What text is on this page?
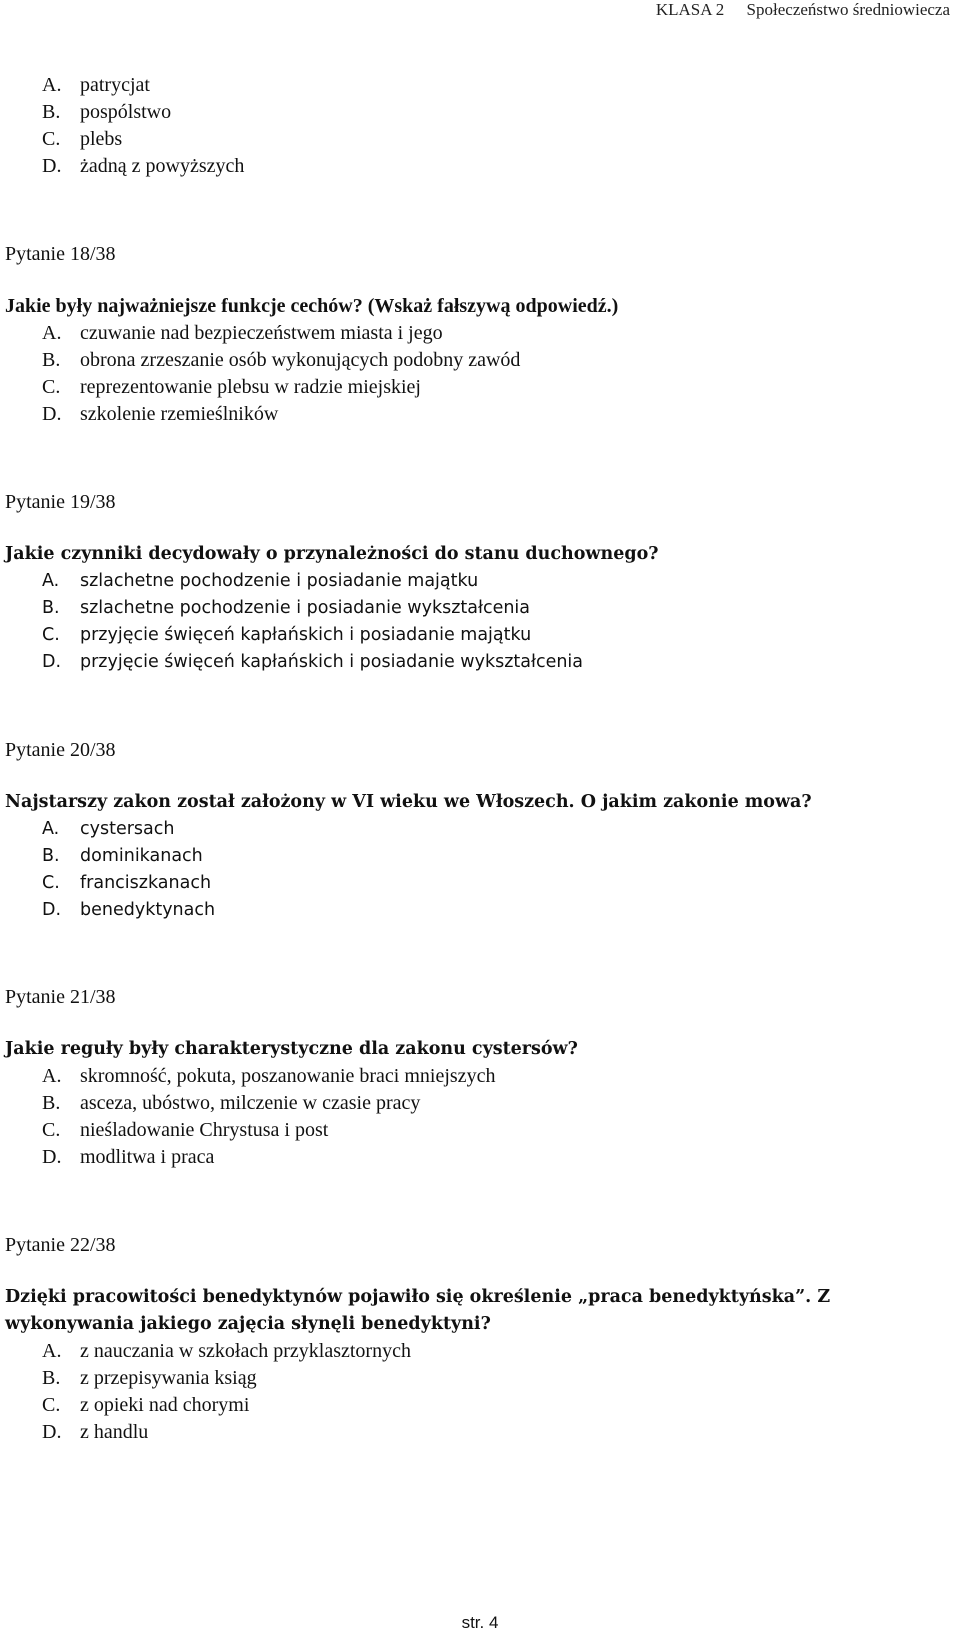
KLASA 2 Społeczeństwo średniowiecza
A. patrycjat
B. pospólstwo
C. plebs
D. żadną z powyższych
Pytanie 18/38
Jakie były najważniejsze funkcje cechów? (Wskaż fałszywą odpowiedź.)
A. czuwanie nad bezpieczeństwem miasta i jego
B. obrona zrzeszanie osób wykonujących podobny zawód
C. reprezentowanie plebsu w radzie miejskiej
D. szkolenie rzemieślników
Pytanie 19/38
Jakie czynniki decydowały o przynależności do stanu duchownego?
A. szlachetne pochodzenie i posiadanie majątku
B. szlachetne pochodzenie i posiadanie wykształcenia
C. przyjęcie święceń kapłańskich i posiadanie majątku
D. przyjęcie święceń kapłańskich i posiadanie wykształcenia
Pytanie 20/38
Najstarszy zakon został założony w VI wieku we Włoszech. O jakim zakonie mowa?
A. cystersach
B. dominikanach
C. franciszkanach
D. benedyktynach
Pytanie 21/38
Jakie reguły były charakterystyczne dla zakonu cystersów?
A. skromność, pokuta, poszanowanie braci mniejszych
B. asceza, ubóstwo, milczenie w czasie pracy
C. nieśladowanie Chrystusa i post
D. modlitwa i praca
Pytanie 22/38
Dzięki pracowitości benedyktynów pojawiło się określenie „praca benedyktyńska”. Z
wykonywania jakiego zajęcia słynęli benedyktyni?
A. z nauczania w szkołach przyklasztornych
B. z przepisywania ksiąg
C. z opieki nad chorymi
D. z handlu
str. 4
